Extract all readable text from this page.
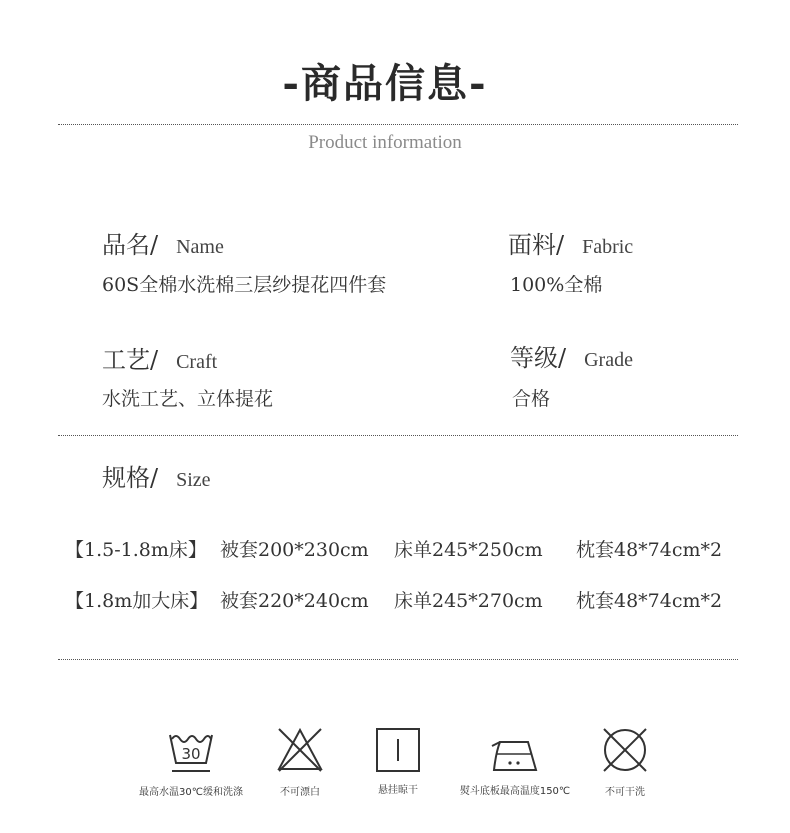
-商品信息-
Product information
品名/ Name
60S全棉水洗棉三层纱提花四件套
面料/ Fabric
100%全棉
工艺/ Craft
水洗工艺、立体提花
等级/ Grade
合格
规格/ Size
【1.5-1.8m床】 被套200*230cm 床单245*250cm 枕套48*74cm*2
【1.8m加大床】 被套220*240cm 床单245*270cm 枕套48*74cm*2
30
最高水温30℃缓和洗涤	不可漂白	悬挂晾干	熨斗底板最高温度150℃	不可干洗
